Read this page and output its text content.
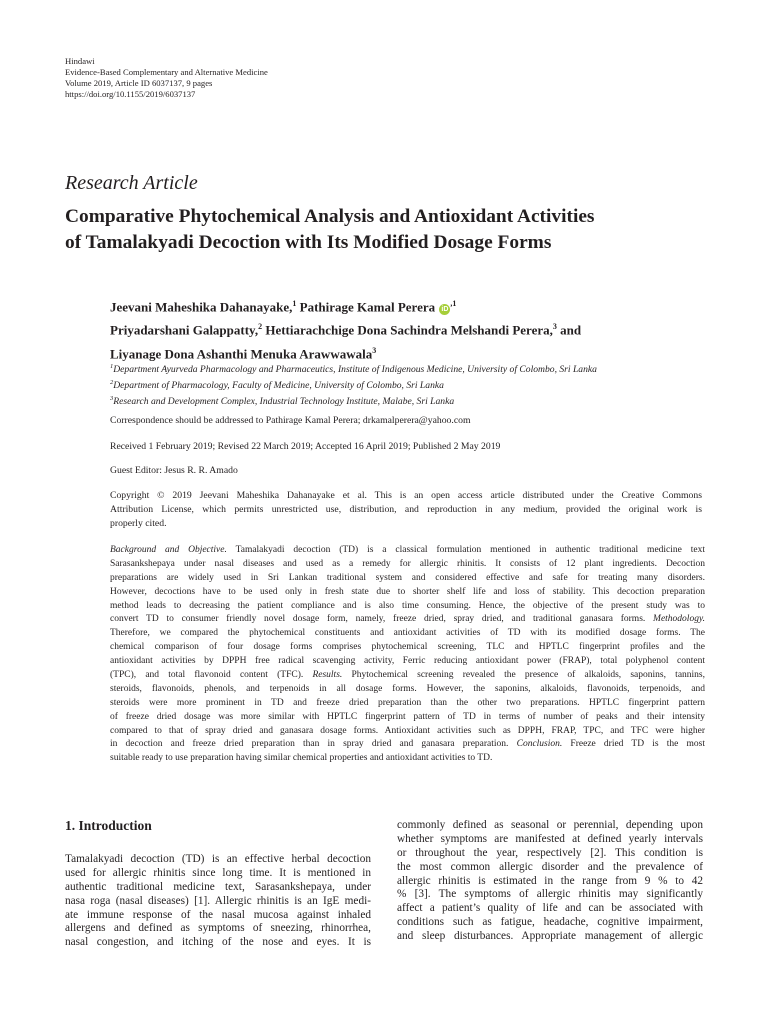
Hindawi
Evidence-Based Complementary and Alternative Medicine
Volume 2019, Article ID 6037137, 9 pages
https://doi.org/10.1155/2019/6037137
Research Article
Comparative Phytochemical Analysis and Antioxidant Activities
of Tamalakyadi Decoction with Its Modified Dosage Forms
Jeevani Maheshika Dahanayake,$^1$ Pathirage Kamal Perera $iD^{,1}$
Priyadarshani Galappatty,$^2$ Hettiarachchige Dona Sachindra Melshandi Perera,$^3$ and
Liyanage Dona Ashanthi Menuka Arawwawala$^3$
$^1$Department Ayurveda Pharmacology and Pharmaceutics, Institute of Indigenous Medicine, University of Colombo, Sri Lanka
$^2$Department of Pharmacology, Faculty of Medicine, University of Colombo, Sri Lanka
$^3$Research and Development Complex, Industrial Technology Institute, Malabe, Sri Lanka
Correspondence should be addressed to Pathirage Kamal Perera; drkamalperera@yahoo.com
Received 1 February 2019; Revised 22 March 2019; Accepted 16 April 2019; Published 2 May 2019
Guest Editor: Jesus R. R. Amado
Copyright © 2019 Jeevani Maheshika Dahanayake et al. This is an open access article distributed under the Creative Commons
Attribution License, which permits unrestricted use, distribution, and reproduction in any medium, provided the original work is
properly cited.
Background and Objective. Tamalakyadi decoction (TD) is a classical formulation mentioned in authentic traditional medicine text
Sarasankshepaya under nasal diseases and used as a remedy for allergic rhinitis. It consists of 12 plant ingredients. Decoction
preparations are widely used in Sri Lankan traditional system and considered effective and safe for treating many disorders.
However, decoctions have to be used only in fresh state due to shorter shelf life and loss of stability. This decoction preparation
method leads to decreasing the patient compliance and is also time consuming. Hence, the objective of the present study was to
convert TD to consumer friendly novel dosage form, namely, freeze dried, spray dried, and traditional ganasara forms. Methodology.
Therefore, we compared the phytochemical constituents and antioxidant activities of TD with its modified dosage forms. The
chemical comparison of four dosage forms comprises phytochemical screening, TLC and HPTLC fingerprint profiles and the
antioxidant activities by DPPH free radical scavenging activity, Ferric reducing antioxidant power (FRAP), total polyphenol content
(TPC), and total flavonoid content (TFC). Results. Phytochemical screening revealed the presence of alkaloids, saponins, tannins,
steroids, flavonoids, phenols, and terpenoids in all dosage forms. However, the saponins, alkaloids, flavonoids, terpenoids, and
steroids were more prominent in TD and freeze dried preparation than the other two preparations. HPTLC fingerprint pattern
of freeze dried dosage was more similar with HPTLC fingerprint pattern of TD in terms of number of peaks and their intensity
compared to that of spray dried and ganasara dosage forms. Antioxidant activities such as DPPH, FRAP, TPC, and TFC were higher
in decoction and freeze dried preparation than in spray dried and ganasara preparation. Conclusion. Freeze dried TD is the most
suitable ready to use preparation having similar chemical properties and antioxidant activities to TD.
1. Introduction
Tamalakyadi decoction (TD) is an effective herbal decoction
used for allergic rhinitis since long time. It is mentioned in
authentic traditional medicine text, Sarasankshepaya, under
nasa roga (nasal diseases) [1]. Allergic rhinitis is an IgE medi-
ate immune response of the nasal mucosa against inhaled
allergens and defined as symptoms of sneezing, rhinorrhea,
nasal congestion, and itching of the nose and eyes. It is
commonly defined as seasonal or perennial, depending upon
whether symptoms are manifested at defined yearly intervals
or throughout the year, respectively [2]. This condition is
the most common allergic disorder and the prevalence of
allergic rhinitis is estimated in the range from 9 % to 42
% [3]. The symptoms of allergic rhinitis may significantly
affect a patient’s quality of life and can be associated with
conditions such as fatigue, headache, cognitive impairment,
and sleep disturbances. Appropriate management of allergic
